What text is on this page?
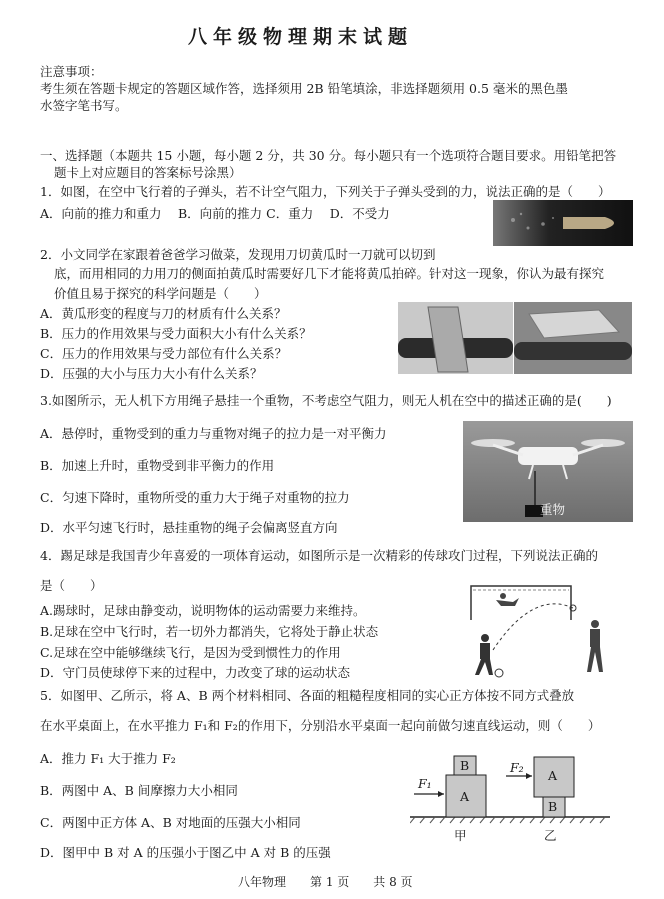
八年级物理期末试题
注意事项：
考生须在答题卡规定的答题区域作答，选择须用 2B 铅笔填涂，非选择题须用 0.5 毫米的黑色墨
水签字笔书写。
一、选择题（本题共 15 小题，每小题 2 分，共 30 分。每小题只有一个选项符合题目要求。用铅笔把答
题卡上对应题目的答案标号涂黑）
1．如图，在空中飞行着的子弹头，若不计空气阻力，下列关于子弹头受到的力，说法正确的是（　　）
A．向前的推力和重力　 B．向前的推力 C．重力　 D．不受力
2．小文同学在家跟着爸爸学习做菜，发现用刀切黄瓜时一刀就可以切到
底，而用相同的力用刀的侧面拍黄瓜时需要好几下才能将黄瓜拍碎。针对这一现象，你认为最有探究
价值且易于探究的科学问题是（　　）
A．黄瓜形变的程度与刀的材质有什么关系？
B．压力的作用效果与受力面积大小有什么关系？
C．压力的作用效果与受力部位有什么关系？
D．压强的大小与压力大小有什么关系？
3.如图所示，无人机下方用绳子悬挂一个重物，不考虑空气阻力，则无人机在空中的描述正确的是(　　)
A．悬停时，重物受到的重力与重物对绳子的拉力是一对平衡力
B．加速上升时，重物受到非平衡力的作用
C．匀速下降时，重物所受的重力大于绳子对重物的拉力
D．水平匀速飞行时，悬挂重物的绳子会偏离竖直方向
重物
4．踢足球是我国青少年喜爱的一项体育运动，如图所示是一次精彩的传球攻门过程，下列说法正确的
是（　　）
A.踢球时，足球由静变动，说明物体的运动需要力来维持。
B.足球在空中飞行时，若一切外力都消失，它将处于静止状态
C.足球在空中能够继续飞行，是因为受到惯性力的作用
D．守门员使球停下来的过程中，力改变了球的运动状态
5．如图甲、乙所示，将 A、B 两个材料相同、各面的粗糙程度相同的实心正方体按不同方式叠放
在水平桌面上，在水平推力 F₁和 F₂的作用下，分别沿水平桌面一起向前做匀速直线运动，则（　　）
A．推力 F₁ 大于推力 F₂
B．两图中 A、B 间摩擦力大小相同
C．两图中正方体 A、B 对地面的压强大小相同
D．图甲中 B 对 A 的压强小于图乙中 A 对 B 的压强
B
A
F₁
A
B
F₂
甲	乙
八年物理　　第 1 页　　共 8 页
